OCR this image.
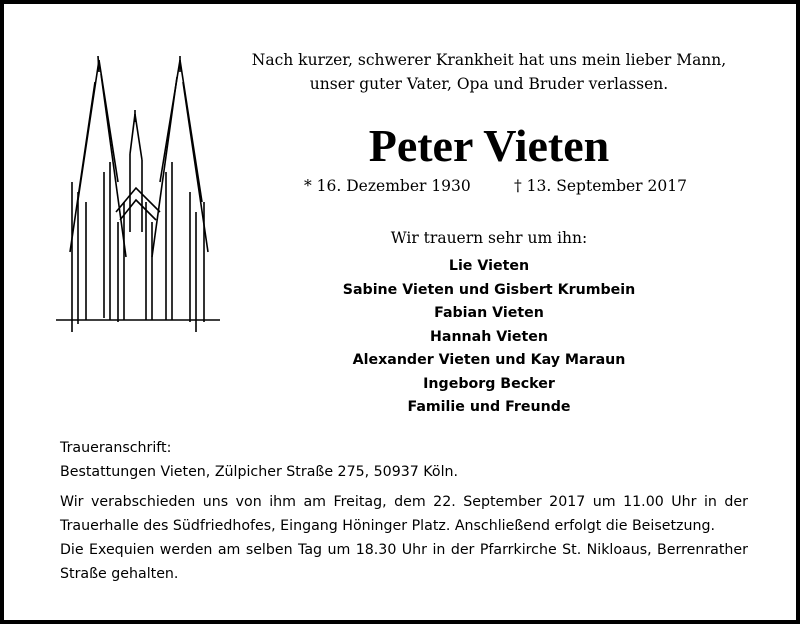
Nach kurzer, schwerer Krankheit hat uns mein lieber Mann,
unser guter Vater, Opa und Bruder verlassen.
Peter Vieten
* 16. Dezember 1930	† 13. September 2017
Wir trauern sehr um ihn:
Lie Vieten
Sabine Vieten und Gisbert Krumbein
Fabian Vieten
Hannah Vieten
Alexander Vieten und Kay Maraun
Ingeborg Becker
Familie und Freunde
Traueranschrift:
Bestattungen Vieten, Zülpicher Straße 275, 50937 Köln.
Wir verabschieden uns von ihm am Freitag, dem 22. September 2017 um 11.00 Uhr in der
Trauerhalle des Südfriedhofes, Eingang Höninger Platz. Anschließend erfolgt die Beisetzung.
Die Exequien werden am selben Tag um 18.30 Uhr in der Pfarrkirche St. Nikloaus, Berrenrather
Straße gehalten.
